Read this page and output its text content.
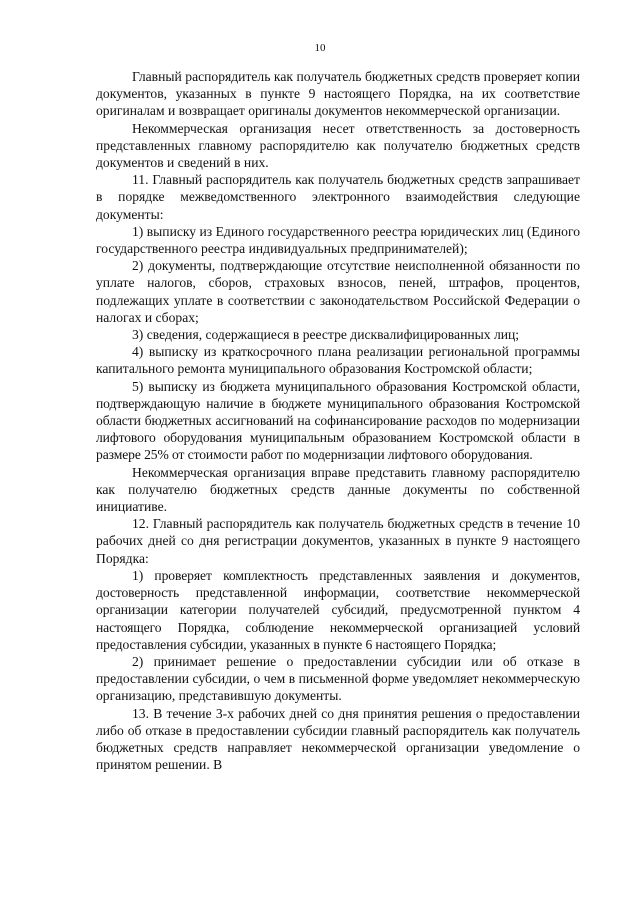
10

Главный распорядитель как получатель бюджетных средств проверяет копии документов, указанных в пункте 9 настоящего Порядка, на их соответствие оригиналам и возвращает оригиналы документов некоммерческой организации.

Некоммерческая организация несет ответственность за достоверность представленных главному распорядителю как получателю бюджетных средств документов и сведений в них.

11. Главный распорядитель как получатель бюджетных средств запрашивает в порядке межведомственного электронного взаимодействия следующие документы:

1) выписку из Единого государственного реестра юридических лиц (Единого государственного реестра индивидуальных предпринимателей);

2) документы, подтверждающие отсутствие неисполненной обязанности по уплате налогов, сборов, страховых взносов, пеней, штрафов, процентов, подлежащих уплате в соответствии с законодательством Российской Федерации о налогах и сборах;

3) сведения, содержащиеся в реестре дисквалифицированных лиц;

4) выписку из краткосрочного плана реализации региональной программы капитального ремонта муниципального образования Костромской области;

5) выписку из бюджета муниципального образования Костромской области, подтверждающую наличие в бюджете муниципального образования Костромской области бюджетных ассигнований на софинансирование расходов по модернизации лифтового оборудования муниципальным образованием Костромской области в размере 25% от стоимости работ по модернизации лифтового оборудования.

Некоммерческая организация вправе представить главному распорядителю как получателю бюджетных средств данные документы по собственной инициативе.

12. Главный распорядитель как получатель бюджетных средств в течение 10 рабочих дней со дня регистрации документов, указанных в пункте 9 настоящего Порядка:

1) проверяет комплектность представленных заявления и документов, достоверность представленной информации, соответствие некоммерческой организации категории получателей субсидий, предусмотренной пунктом 4 настоящего Порядка, соблюдение некоммерческой организацией условий предоставления субсидии, указанных в пункте 6 настоящего Порядка;

2) принимает решение о предоставлении субсидии или об отказе в предоставлении субсидии, о чем в письменной форме уведомляет некоммерческую организацию, представившую документы.

13. В течение 3-х рабочих дней со дня принятия решения о предоставлении либо об отказе в предоставлении субсидии главный распорядитель как получатель бюджетных средств направляет некоммерческой организации уведомление о принятом решении. В
